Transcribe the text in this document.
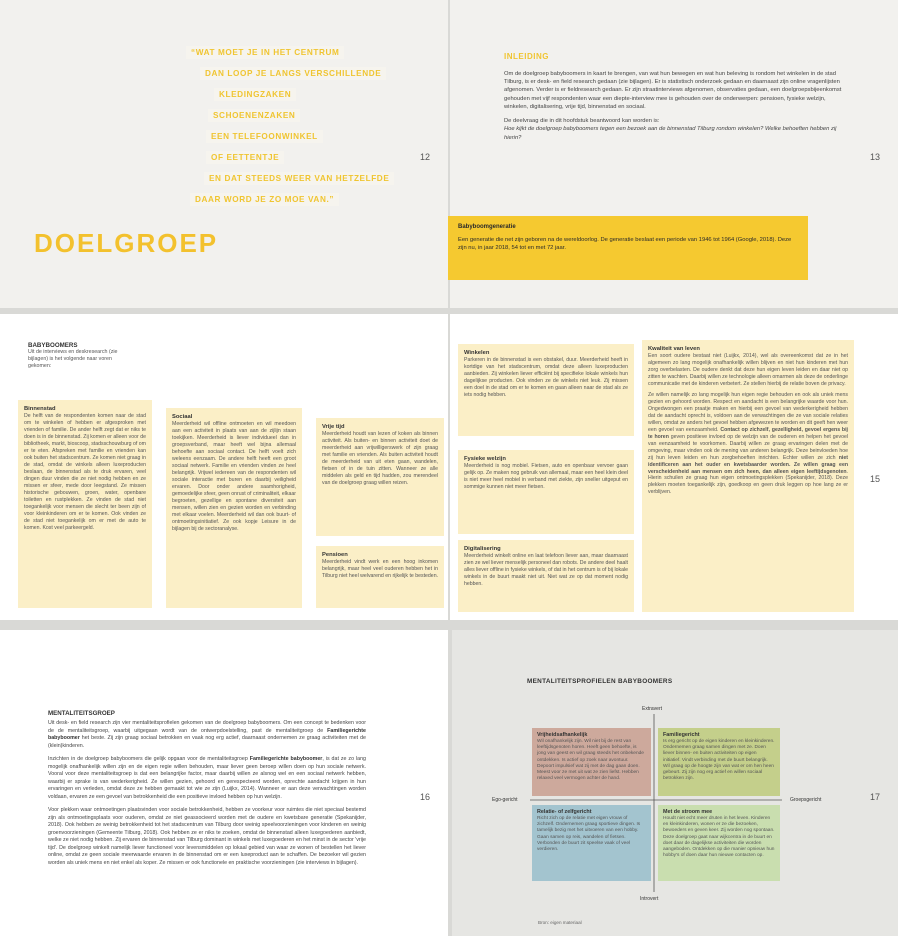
“WAT MOET JE IN HET CENTRUM
DAN LOOP JE LANGS VERSCHILLENDE
KLEDINGZAKEN
SCHOENENZAKEN
EEN TELEFOONWINKEL
OF EETTENTJE
EN DAT STEEDS WEER VAN HETZELFDE
DAAR WORD JE ZO MOE VAN.”
DOELGROEP
12
INLEIDING

Om de doelgroep babyboomers in kaart te brengen, van wat hun bewegen en wat hun beleving is rondom het winkelen in de stad Tilburg, is er desk- en field research gedaan (zie bijlagen). Er is statistisch onderzoek gedaan en daarnaast zijn online vragenlijsten afgenomen. Verder is er fieldresearch gedaan. Er zijn straatinterviews afgenomen, observaties gedaan, een doelgroepsbijeenkomst gehouden met vijf respondenten waar een diepte-interview mee is gehouden over de onderwerpen: pensioen, fysieke welzijn, winkelen, digitalisering, vrije tijd, binnenstad en sociaal.

De deelvraag die in dit hoofdstuk beantwoord kan worden is:

Hoe kijkt de doelgroep babyboomers tegen een bezoek aan de binnenstad Tilburg rondom winkelen? Welke behoeften hebben zij hierin?

13
Babyboomgeneratie
Een generatie die net zijn geboren na de wereldoorlog. De generatie beslaat een periode van 1946 tot 1964 (Google, 2018). Deze zijn nu, in jaar 2018, 54 tot en met 72 jaar.
BABYBOOMERS
Uit de interviews en deskresearch (zie bijlagen) is het volgende naar voren gekomen:
Binnenstad
De helft van de respondenten komen naar de stad om te winkelen of hebben er afgesproken met vrienden of familie. De ander helft zegt dat er niks te doen is in de binnenstad. Zij komen er alleen voor de bibliotheek, markt, bioscoop, stadsschouwburg of om er te eten. Afspreken met familie en vrienden kan ook buiten het stadscentrum. Ze komen niet graag in de stad, omdat de winkels alleen luxeproducten beslaan, de binnenstad als te druk ervaren, veel dingen duur vinden die ze niet nodig hebben en ze missen er sfeer, mede door leegstand. Ze missen historische gebouwen, groen, water, openbare toiletten en rustplekken. Ze vinden de stad niet toegankelijk voor mensen die slecht ter been zijn of voor kleinkinderen om er te komen. Ook vinden ze de stad niet toegankelijk om er met de auto te komen. Kost veel parkeergeld.
Sociaal
Meerderheid wil offline ontmoeten en wil meedoen aan een activiteit in plaats van aan de zijlijn staan toekijken. Meerderheid is liever individueel dan in groepsverband, maar heeft wel bijna allemaal behoefte aan sociaal contact. De helft voelt zich weleens eenzaam. De andere helft heeft een groot sociaal netwerk. Familie en vrienden vinden ze heel belangrijk. Vrijwel iedereen van de respondenten wil sociale interactie met buren en daarbij veiligheid ervaren. Door onder andere saamhorigheid, gemoedelijke sfeer, geen onrust of criminaliteit, elkaar begroeten, gezellige en spontane diversiteit aan mensen, willen zien en gezien worden en verbinding met elkaar voelen. Meerderheid wil dan ook buurt- of ontmoetingsinitiatief. Ze ook kopje Leisure in de bijlagen bij de sectoranalyse.
Vrije tijd
Meerderheid houdt van lezen of koken als binnen activiteit. Als buiten- en binnen activiteit doet de meerderheid aan vrijwilligerswerk of zijn graag met familie en vrienden. Als buiten activiteit houdt de meerderheid van uit eten gaan, wandelen, fietsen of in de tuin zitten. Wanneer ze alle middelen als geld en tijd hadden, zou merendeel van de doelgroep graag willen reizen.
Pensioen
Meerderheid vindt werk en een hoog inkomen belangrijk, maar heel veel ouderen hebben het in Tilburg niet heel welvarend en rijkelijk te besteden.
Winkelen
Parkeren in de binnenstad is een obstakel, duur. Meerderheid heeft in kortdige van het stadscentrum, omdat deze alleen luxeproducten aanbieden. Zij winkelen liever efficiënt bij specifieke lokale winkels hun dagelijkse producten. Ook vinden ze de winkels niet leuk. Zij missen een doel in de stad om er te komen en gaan alleen naar de stad als ze iets nodig hebben.
Fysieke welzijn
Meerderheid is nog mobiel. Fietsen, auto en openbaar vervoer gaan gelijk op. Ze maken nog gebruik van allemaal, maar een heel klein deel is niet meer heel mobiel in verband met ziekte, zijn sneller uitgeput en sommige kunnen niet meer fietsen.
Digitalisering
Meerderheid winkelt online en laat telefoon liever aan, maar daarnaast zien ze wel liever menselijk personeel dan robots. De andere deel haalt alles liever offline in fysieke winkels, of dat in het centrum is of bij lokale winkels in de buurt maakt niet uit. Niet wat ze op dat moment nodig hebben.
Kwaliteit van leven
Een soort oudere bestaat niet (Luijkx, 2014), wel als overeenkomst dat ze in het algemeen zo lang mogelijk onafhankelijk willen blijven en niet hun kinderen met hun zorg overbelasten. De oudere denkt dat deze hun eigen leven leiden en daar niet op zitten te wachten. Daarbij willen ze technologie alleen omarmen als deze de onderlinge communicatie met de kinderen verbetert. Ze stellen hierbij de relatie boven de privacy.
Ze willen namelijk zo lang mogelijk hun eigen regie behouden en ook als uniek mens gezien en gehoord worden. Respect en aandacht is een belangrijke waarde voor hun. Ongedwongen een praatje maken en hierbij een gevoel van wederkerigheid hebben dat de aandacht oprecht is, voldoen aan de verwachtingen die ze van sociale relaties willen, omdat ze anders het gevoel hebben afgewezen te worden en dit geeft hen weer een gevoel van eenzaamheid. Contact op zichzelf, gezelligheid, gevoel ergens bij te horen geven positieve invloed op de welzijn van de ouderen en helpen het gevoel van eenzaamheid te voorkomen. Daarbij willen ze graag ervaringen delen met de omgeving, maar vinden ook de mening van anderen belangrijk. Deze beinvloeden hoe zij hun leven leiden en hun zorgbehoeften inrichten. Echter willen ze zich niet identificeren aan het ouder en kwetsbaarder worden. Ze willen graag een verscheidenheid aan mensen om zich heen, dan alleen eigen leeftijdsgenoten. Hierin schuilen ze graag hun eigen ontmoetingsplekken (Spekanijder, 2018). Deze plekken moeten toegankelijk zijn, goedkoop en geen druk leggen op hoe lang ze er verblijven.
15
MENTALITEITSGROEP

Uit desk- en field research zijn vier mentaliteitsprofielen gekomen van de doelgroep babyboomers. Om een concept te bedenken voor de de mentaliteitsgroep, waarbij uitgegaan wordt van de ontwerpdoelstelling, past de mentaliteitgroep de Familiegerichte babyboomer het beste. Zij zijn graag sociaal betrokken en vaak nog erg actief, daarnaast ondernemen ze graag activiteiten met de (klein)kinderen.

Inzichten in de doelgroep babyboomers die gelijk opgaan voor de mentaliteitsgroep Familiegerichte babyboomer, is dat ze zo lang mogelijk onafhankelijk willen zijn en de eigen regie willen behouden, maar liever geen beroep willen doen op hun sociale netwerk. Vooral voor deze mentaliteitsgroep is dat een belangrijke factor, maar daarbij willen ze alsnog wel en een sociaal netwerk hebben, waarbij er sprake is van wederkerigheid. Ze willen gezien, gehoord en gerespecteerd worden, oprechte aandacht krijgen in hun ervaringen en verleden, omdat deze ze hebben gemaakt tot wie ze zijn (Luijkx, 2014). Wanneer er aan deze verwachtingen worden voldaan, ervaren ze een gevoel van betrokkenheid die een positieve invloed hebben op hun welzijn.

Voor plekken waar ontmoetingen plaatsvinden voor sociale betrokkenheid, hebben ze voorkeur voor ruimtes die niet speciaal bestemd zijn als ontmoetingsplaats voor ouderen, omdat ze niet geassocieerd worden met de oudere en kwetsbare generatie (Spekanijder, 2018). Ook hebben ze weinig betrokkenheid tot het stadscentrum van Tilburg door weinig speelvoorzieningen voor kinderen en weinig groenvoorzieningen (Gemeente Tilburg, 2018). Ook hebben ze er niks te zoeken, omdat de binnenstad alleen luxegoederen aanbiedt, welke ze niet nodig hebben. Zij ervaren de binnenstad van Tilburg dominant in winkels met luxegoederen en het minst in de sector 'vrije tijd'. De doelgroep winkelt namelijk liever functioneel voor levensmiddelen op lokaal gebied van waar ze wonen of bestellen het liever online, omdat ze geen sociale meerwaarde ervaren in de binnenstad om er een luxeproduct aan te schaffen. De bezoeker wil gezien worden als uniek mens en niet enkel als koper. Ze missen er ook functionele en praktische voorzieningen (zie interviews in bijlagen).

16
MENTALITEITSPROFIELEN BABYBOOMERS
Extravert
Introvert
Ego-gericht	Groepsgericht
Vrijheidsafhankelijk
Wil onafhankelijk zijn. Wil niet bij de rest van leeftijdsgenoten horen. Heeft geen behoefte, is jong van geest en wil graag steeds het onbekende ontdekken. Is actief op zoek naar avontuur. Depoort impulsief wat zij met de dag gaan doen. Meest voor ze met uit wat ze zien liefst. Hebben relaxed veel vermogen achter de hand.
Familiegericht
Is erg gericht op de eigen kinderen en kleinkinderen. Ondernemen graag samen dingen met ze. Doen liever binnen- en buiten activiteiten op eigen initiatief. Vindt verbinding met de buurt belangrijk. Wil graag op de hoogte zijn van wat er om hen heen gebeurt. Zij zijn nog erg actief en willen sociaal betrokken zijn.
Relatie- of zelfgericht
Richt zich op de relatie met eigen vrouw of zichzelf. Ondernemen graag sportieve dingen. Is tamelijk bezig met het uitvoeren van een hobby. Gaan samen op reis, wandelen of fietsen. Verbonden de buurt zit speelse vaak of veel verdieren.
Met de stroom mee
Houdt niet echt meer druten in het leven. Kinderen en kleinkinderen, wonen er ze die bezoeken, bewoeders en geven keer. Zij worden nog spontaan. Deze doelgroep gaat naar wijkcentra in de buurt en doet daar de dagelijkse activiteiten die worden aangeboden. Ontdekken op die manier opnieuw hun hobby's of doen daar hun nieuwe contacten op.
Bron: eigen materiaal
17
